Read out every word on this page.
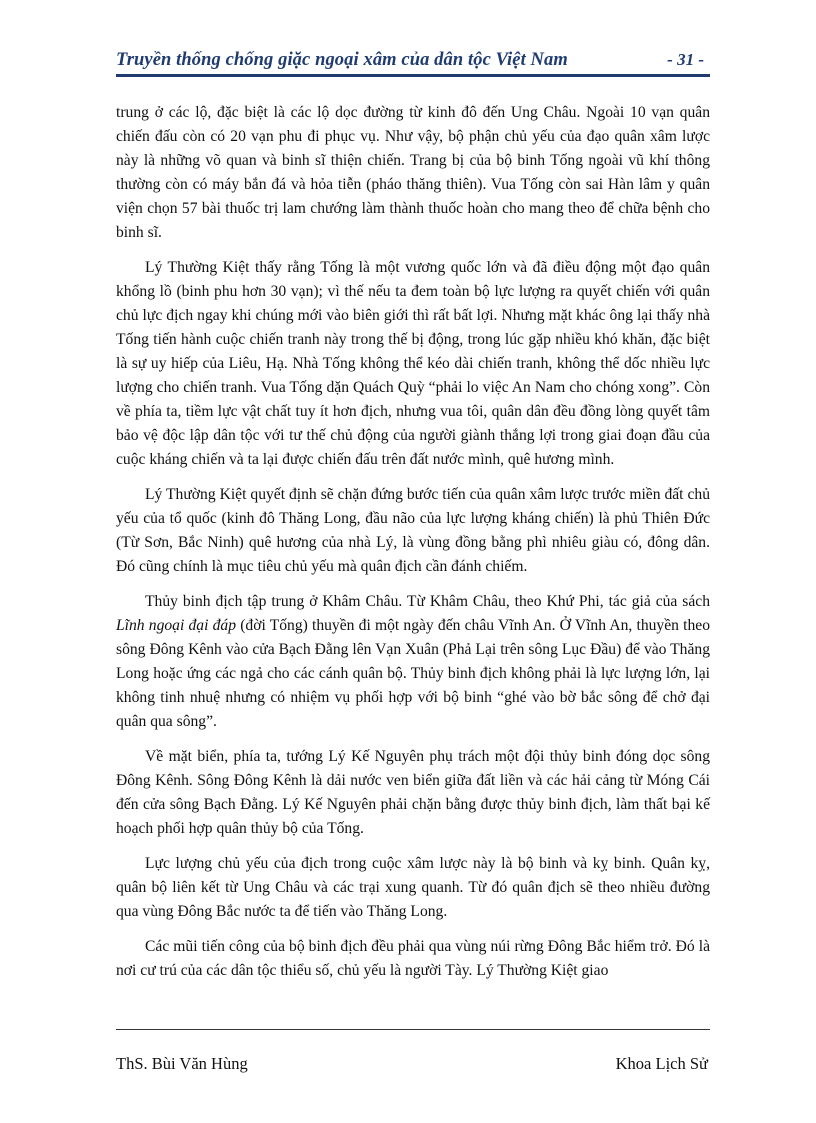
Truyền thống chống giặc ngoại xâm của dân tộc Việt Nam	- 31 -

trung ở các lộ, đặc biệt là các lộ dọc đường từ kinh đô đến Ung Châu. Ngoài 10 vạn quân chiến đấu còn có 20 vạn phu đi phục vụ. Như vậy, bộ phận chủ yếu của đạo quân xâm lược này là những võ quan và binh sĩ thiện chiến. Trang bị của bộ binh Tống ngoài vũ khí thông thường còn có máy bắn đá và hỏa tiễn (pháo thăng thiên). Vua Tống còn sai Hàn lâm y quân viện chọn 57 bài thuốc trị lam chướng làm thành thuốc hoàn cho mang theo để chữa bệnh cho binh sĩ.

Lý Thường Kiệt thấy rằng Tống là một vương quốc lớn và đã điều động một đạo quân khổng lồ (binh phu hơn 30 vạn); vì thế nếu ta đem toàn bộ lực lượng ra quyết chiến với quân chủ lực địch ngay khi chúng mới vào biên giới thì rất bất lợi. Nhưng mặt khác ông lại thấy nhà Tống tiến hành cuộc chiến tranh này trong thế bị động, trong lúc gặp nhiều khó khăn, đặc biệt là sự uy hiếp của Liêu, Hạ. Nhà Tống không thể kéo dài chiến tranh, không thể dốc nhiều lực lượng cho chiến tranh. Vua Tống dặn Quách Quỳ “phải lo việc An Nam cho chóng xong”. Còn về phía ta, tiềm lực vật chất tuy ít hơn địch, nhưng vua tôi, quân dân đều đồng lòng quyết tâm bảo vệ độc lập dân tộc với tư thế chủ động của người giành thắng lợi trong giai đoạn đầu của cuộc kháng chiến và ta lại được chiến đấu trên đất nước mình, quê hương mình.

Lý Thường Kiệt quyết định sẽ chặn đứng bước tiến của quân xâm lược trước miền đất chủ yếu của tổ quốc (kinh đô Thăng Long, đầu não của lực lượng kháng chiến) là phủ Thiên Đức (Từ Sơn, Bắc Ninh) quê hương của nhà Lý, là vùng đồng bằng phì nhiêu giàu có, đông dân. Đó cũng chính là mục tiêu chủ yếu mà quân địch cần đánh chiếm.

Thủy binh địch tập trung ở Khâm Châu. Từ Khâm Châu, theo Khứ Phi, tác giả của sách Lĩnh ngoại đại đáp (đời Tống) thuyền đi một ngày đến châu Vĩnh An. Ở Vĩnh An, thuyền theo sông Đông Kênh vào cửa Bạch Đằng lên Vạn Xuân (Phả Lại trên sông Lục Đầu) để vào Thăng Long hoặc ứng các ngả cho các cánh quân bộ. Thủy binh địch không phải là lực lượng lớn, lại không tinh nhuệ nhưng có nhiệm vụ phối hợp với bộ binh “ghé vào bờ bắc sông để chở đại quân qua sông”.

Về mặt biển, phía ta, tướng Lý Kế Nguyên phụ trách một đội thủy binh đóng dọc sông Đông Kênh. Sông Đông Kênh là dải nước ven biển giữa đất liền và các hải cảng từ Móng Cái đến cửa sông Bạch Đằng. Lý Kế Nguyên phải chặn bằng được thủy binh địch, làm thất bại kế hoạch phối hợp quân thủy bộ của Tống.

Lực lượng chủ yếu của địch trong cuộc xâm lược này là bộ binh và kỵ binh. Quân kỵ, quân bộ liên kết từ Ung Châu và các trại xung quanh. Từ đó quân địch sẽ theo nhiều đường qua vùng Đông Bắc nước ta để tiến vào Thăng Long.

Các mũi tiến công của bộ binh địch đều phải qua vùng núi rừng Đông Bắc hiểm trở. Đó là nơi cư trú của các dân tộc thiểu số, chủ yếu là người Tày. Lý Thường Kiệt giao

ThS. Bùi Văn Hùng	Khoa Lịch Sử
